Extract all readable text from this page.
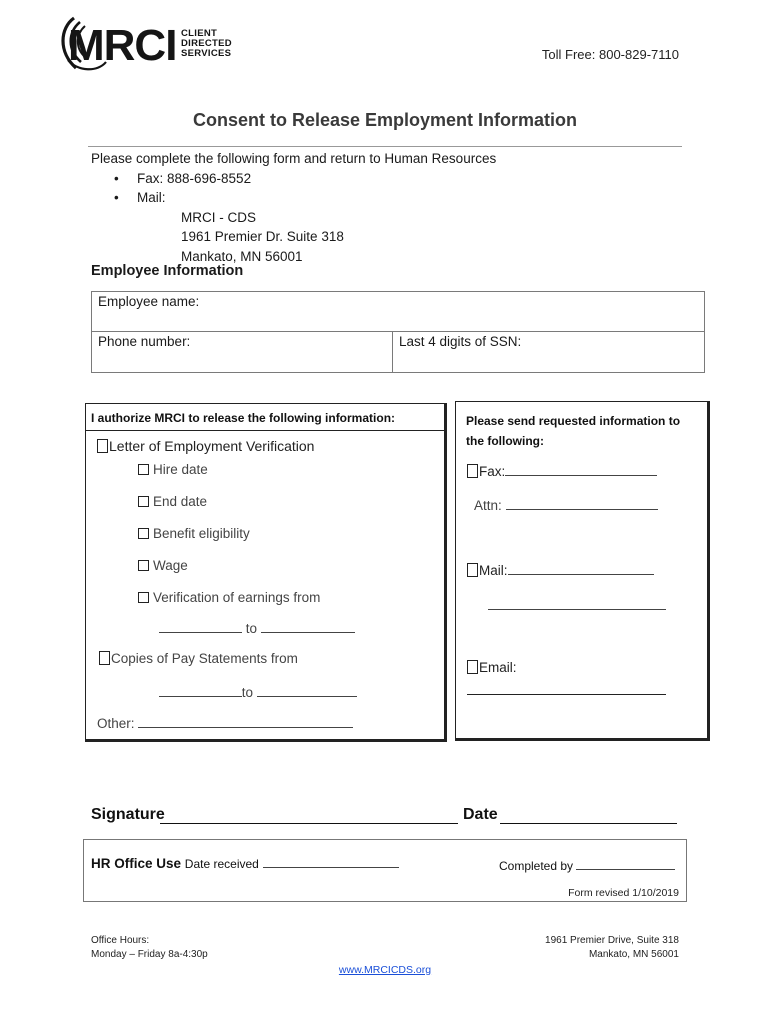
MRCI CLIENT
DIRECTED
SERVICES	Toll Free: 800-829-7110
Consent to Release Employment Information
Please complete the following form and return to Human Resources
• Fax: 888-696-8552
• Mail:
MRCI - CDS
1961 Premier Dr. Suite 318
Mankato, MN 56001
Employee Information
Employee name:
Phone number:	Last 4 digits of SSN:
I authorize MRCI to release the following information:
Letter of Employment Verification
Hire date
End date
Benefit eligibility
Wage
Verification of earnings from
to
Copies of Pay Statements from
to
Other:
Please send requested information to
the following:
Fax:
Attn:
Mail:
Email:
Signature	Date
HR Office Use Date received	Completed by
Form revised 1/10/2019
Office Hours:
Monday – Friday 8a-4:30p
1961 Premier Drive, Suite 318
Mankato, MN 56001
www.MRCICDS.org
